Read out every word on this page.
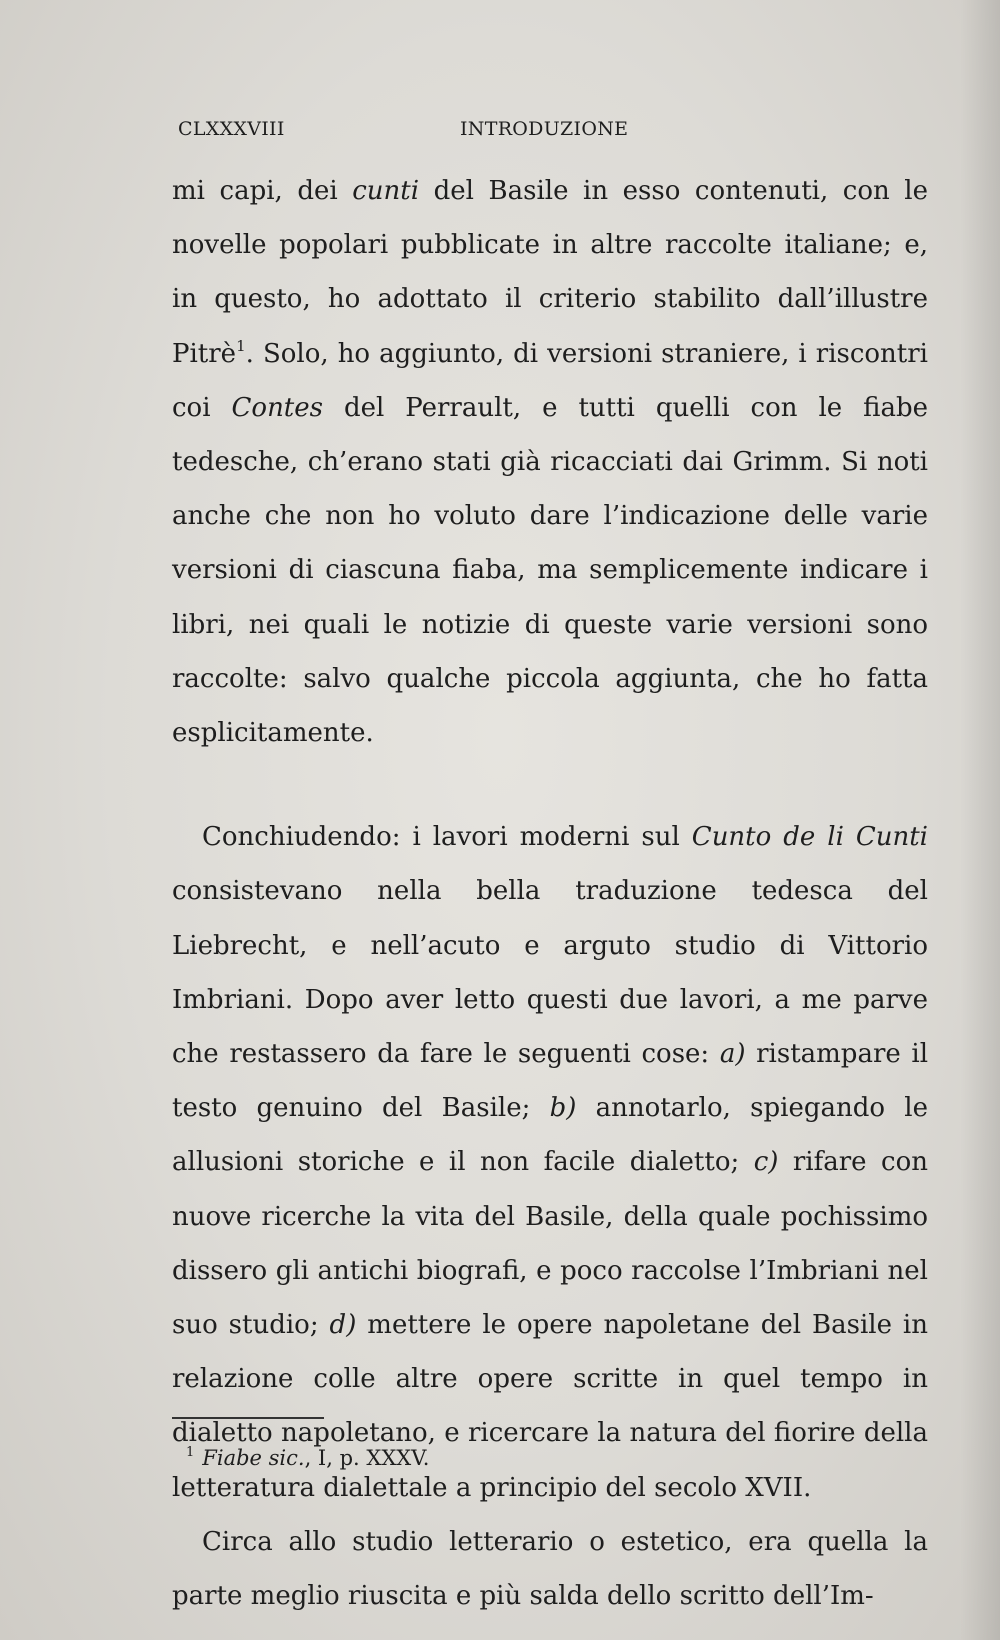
CLXXXVIII	INTRODUZIONE

mi capi, dei cunti del Basile in esso contenuti, con le novelle popolari pubblicate in altre raccolte italiane; e, in questo, ho adottato il criterio stabilito dall’illustre Pitrè$^1$. Solo, ho aggiunto, di versioni straniere, i riscontri coi Contes del Perrault, e tutti quelli con le fiabe tedesche, ch’erano stati già ricacciati dai Grimm. Si noti anche che non ho voluto dare l’indicazione delle varie versioni di ciascuna fiaba, ma semplicemente indicare i libri, nei quali le notizie di queste varie versioni sono raccolte: salvo qualche piccola aggiunta, che ho fatta esplicitamente.

Conchiudendo: i lavori moderni sul Cunto de li Cunti consistevano nella bella traduzione tedesca del Liebrecht, e nell’acuto e arguto studio di Vittorio Imbriani. Dopo aver letto questi due lavori, a me parve che restassero da fare le seguenti cose: a) ristampare il testo genuino del Basile; b) annotarlo, spiegando le allusioni storiche e il non facile dialetto; c) rifare con nuove ricerche la vita del Basile, della quale pochissimo dissero gli antichi biografi, e poco raccolse l’Imbriani nel suo studio; d) mettere le opere napoletane del Basile in relazione colle altre opere scritte in quel tempo in dialetto napoletano, e ricercare la natura del fiorire della letteratura dialettale a principio del secolo XVII.

Circa allo studio letterario o estetico, era quella la parte meglio riuscita e più salda dello scritto dell’Im-

$^1$ Fiabe sic., I, p. XXXV.
